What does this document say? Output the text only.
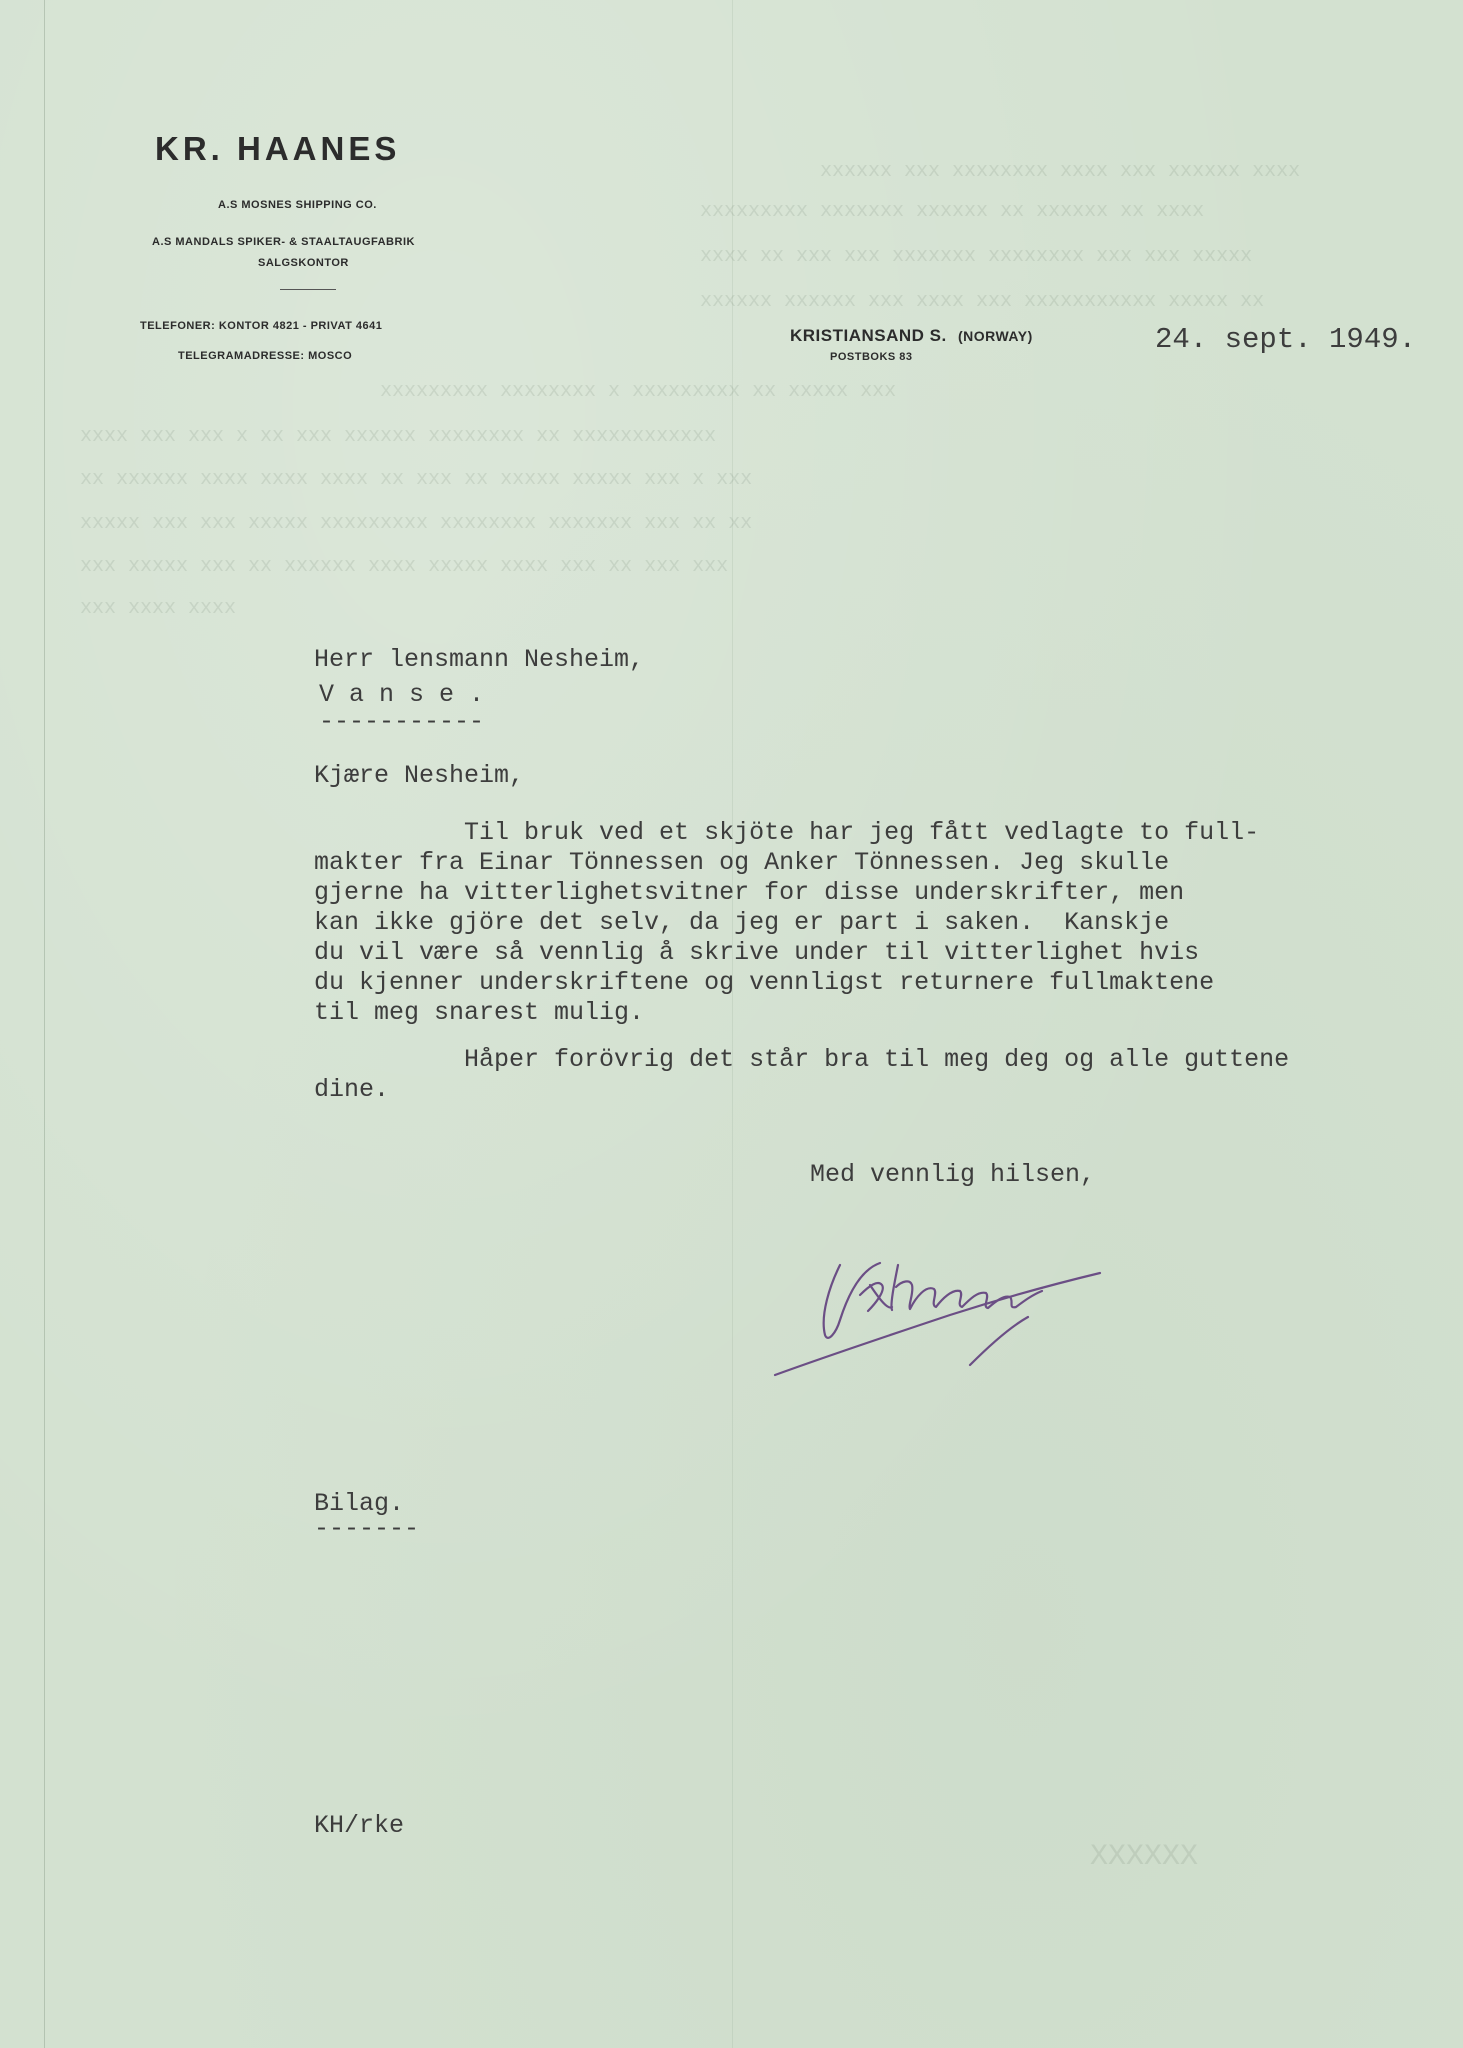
xxxx xxxxxx xxx xxxx xxxxxxxx xxx xxxxxx
xxxx xx xxxxxx xx xxxxxx xxxxxxx xxxxxxxxx
xxxxx xxx xxx xxxxxxxx xxxxxxx xxx xxx xx xxxx
xx xxxxx xxxxxxxxxxx xxx xxxx xxx xxxxxx xxxxxx
xxx xxxxx xx xxxxxxxxx x xxxxxxxx xxxxxxxxx
xxxxxxxxxxxx xx xxxxxxxx xxxxxx xxx xx x xxx xxx xxxx
xxx x xxx xxxxx xxxxx xx xxx xx xxxx xxxx xxxx xxxxxx xx
xx xx xxx xxxxxxx xxxxxxxx xxxxxxxxx xxxxx xxx xxx xxxxx
xxx xxx xx xxx xxxx xxxxx xxxx xxxxxx xx xxx xxxxx xxx
xxxx xxxx xxx
XXXXXX
KR. HAANES
A.S MOSNES SHIPPING CO.
A.S MANDALS SPIKER- & STAALTAUGFABRIK
SALGSKONTOR
TELEFONER: KONTOR 4821 - PRIVAT 4641
TELEGRAMADRESSE: MOSCO
KRISTIANSAND S. (NORWAY)
POSTBOKS 83
24. sept. 1949.
Herr lensmann Nesheim,
V a n s e .
-----------
Kjære Nesheim,
Til bruk ved et skjöte har jeg fått vedlagte to full-
makter fra Einar Tönnessen og Anker Tönnessen. Jeg skulle
gjerne ha vitterlighetsvitner for disse underskrifter, men
kan ikke gjöre det selv, da jeg er part i saken.  Kanskje
du vil være så vennlig å skrive under til vitterlighet hvis
du kjenner underskriftene og vennligst returnere fullmaktene
til meg snarest mulig.
Håper forövrig det står bra til meg deg og alle guttene
dine.
Med vennlig hilsen,
Bilag.
-------
KH/rke
